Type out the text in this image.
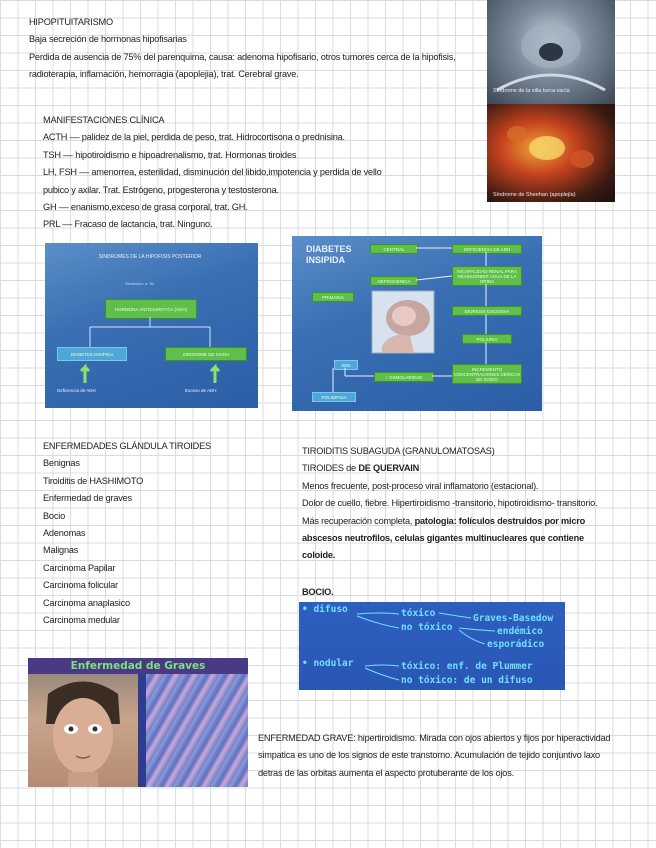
HIPOPITUITARISMO
Baja secreción de hormonas hipofisarias
Perdida de ausencia de 75% del parenquima, causa: adenoma hipofisario, otros tumores cerca de la hipofisis,
radioterapia, inflamación, hemorragia (apoplejia), trat. Cerebral grave.
MANIFESTACIONES CLÍNICA
ACTH –– palidez de la piel, perdida de peso, trat. Hidrocortisona o prednisina.
TSH –– hipotiroidismo e hipoadrenalismo, trat. Hormonas tiroides
LH, FSH –– amenorrea, esterilidad, disminución del libido,impotencia y perdida de vello
pubico y axilar. Trat. Estrógeno, progesterona y testosterona.
GH –– enanismo,exceso de grasa corporal, trat. GH.
PRL –– Fracaso de lactancia, trat. Ninguno.
Síndrome de la silla turca vacía
Síndrome de Sheehan (apoplejía)
SINDROMES DE LA HIPOFISIS POSTERIOR
Secreción: a. 5h
HORMONA ANTIDIURETICA (ADH)
DIABETES INSIPIDA	SINDROME DE SIADH
Deficiencia de ADH	Exceso de ADH
DIABETES
INSIPIDA
CENTRAL	DEFICIENCIA DE ADH
NEFROGENICA
INCAPACIDAD RENAL PARA REABSORBER AGUA DE LA ORINA
DIURESIS EXCESIVA
POLIURIA
INCREMENTO CONCENTRACIONES SÉRICAS DE SODIO
↑ OSMOLARIDAD
SED
POLIDIPSIA
PRIMARIA
ENFERMEDADES GLÁNDULA TIROIDES
Benignas
Tiroiditis de HASHIMOTO
Enfermedad de graves
Bocio
Adenomas
Malignas
Carcinoma Papilar
Carcinoma folicular
Carcinoma anaplasico
Carcinoma medular
TIROIDITIS SUBAGUDA (GRANULOMATOSAS)
TIROIDES de DE QUERVAIN
Menos frecuente, post-proceso viral inflamatorio (estacional).
Dolor de cuello, fiebre. Hipertiroidismo -transitorio, hipotiroidismo- transitorio.
Más recuperación completa, patologia: folículos destruidos por micro
abscesos neutrofilos, celulas gigantes multinucleares que contiene
coloide.
BOCIO.
• difuso	tóxico	Graves-Basedow
no tóxico	endémico
esporádico
• nodular	tóxico: enf. de Plummer
no tóxico: de un difuso
Enfermedad de Graves
ENFERMEDAD GRAVE: hipertiroidismo. Mirada con ojos abiertos y fijos por hiperactividad
simpatica es uno de los signos de este transtorno. Acumulación de tejido conjuntivo laxo
detras de las orbitas aumenta el aspecto protuberante de los ojos.
